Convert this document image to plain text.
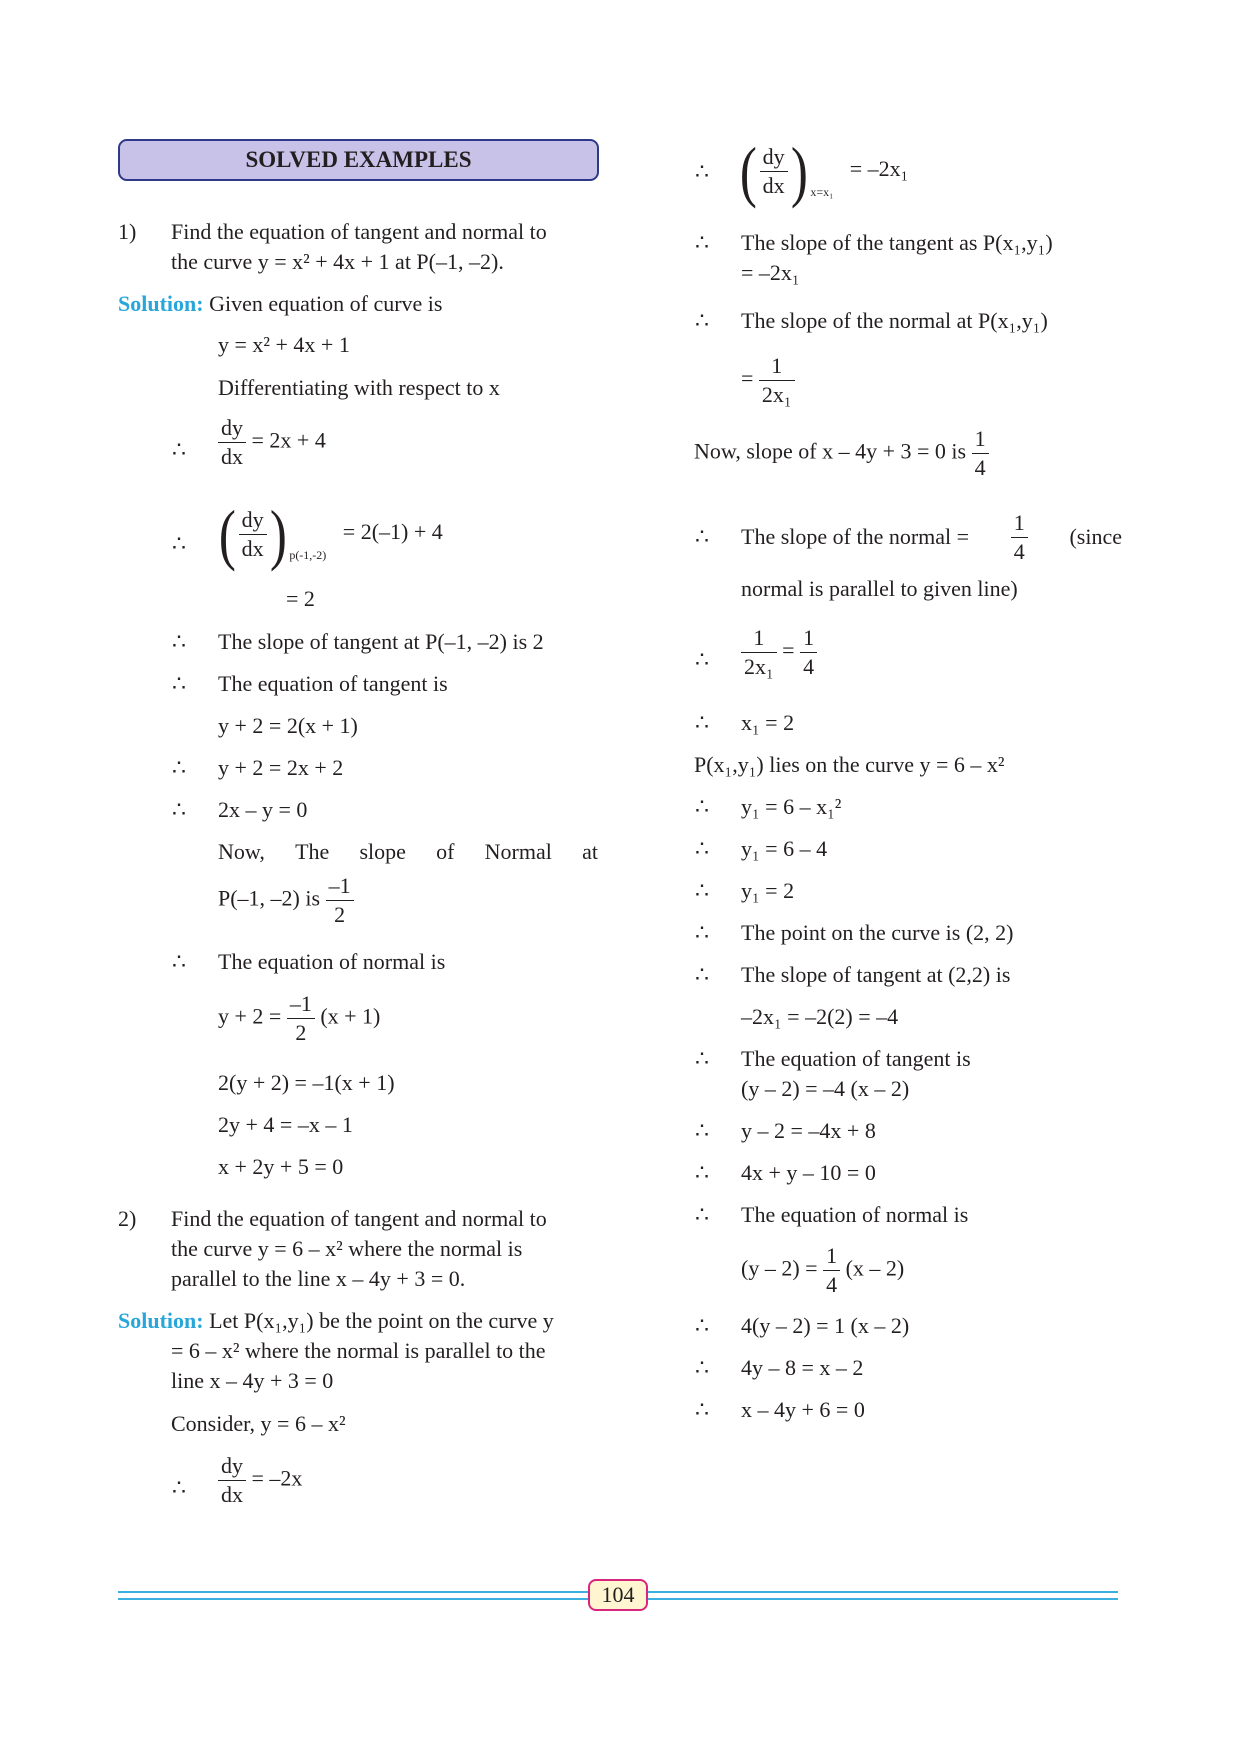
SOLVED EXAMPLES
1) Find the equation of tangent and normal to
the curve y = x² + 4x + 1 at P(–1, –2).
Solution: Given equation of curve is
y = x² + 4x + 1
Differentiating with respect to x
∴ $\frac{dy}{dx} = 2x + 4$
∴ ( $\frac{dy}{dx}$ ) $_{p(-1,-2)}$   = 2(–1) + 4
= 2
∴ The slope of tangent at P(–1, –2) is 2
∴ The equation of tangent is
y + 2 = 2(x + 1)
∴ y + 2 = 2x + 2
∴ 2x – y = 0
Now, The slope of Normal at
P(–1, –2) is $\frac{-1}{2}$
∴ The equation of normal is
$y + 2 = \frac{-1}{2} (x + 1)$
2(y + 2) = –1(x + 1)
2y + 4 = –x – 1
x + 2y + 5 = 0
2) Find the equation of tangent and normal to
the curve y = 6 – x² where the normal is
parallel to the line x – 4y + 3 = 0.
Solution: Let P(x₁,y₁) be the point on the curve y
= 6 – x² where the normal is parallel to the
line x – 4y + 3 = 0
Consider, y = 6 – x²
∴ $\frac{dy}{dx} = -2x$
∴ ( $\frac{dy}{dx}$ ) $_{x=x_1}$   = –2x₁
∴ The slope of the tangent as P(x₁,y₁)
= –2x₁
∴ The slope of the normal at P(x₁,y₁)
= $\frac{1}{\text{2x₁}}$
Now, slope of x – 4y + 3 = 0 is $\frac{1}{4}$
∴ The slope of the normal = $\frac{1}{4}$ (since
normal is parallel to given line)
∴ $\frac{1}{\text{2x₁}} = \frac{1}{4}$
∴ x₁ = 2
P(x₁,y₁) lies on the curve y = 6 – x²
∴ y₁ = 6 – x₁²
∴ y₁ = 6 – 4
∴ y₁ = 2
∴ The point on the curve is (2, 2)
∴ The slope of tangent at (2,2) is
–2x₁ = –2(2) = –4
∴ The equation of tangent is
(y – 2) = –4 (x – 2)
∴ y – 2 = –4x + 8
∴ 4x + y – 10 = 0
∴ The equation of normal is
$(y - 2) = \frac{1}{4} (x - 2)$
∴ 4(y – 2) = 1 (x – 2)
∴ 4y – 8 = x – 2
∴ x – 4y + 6 = 0
104
